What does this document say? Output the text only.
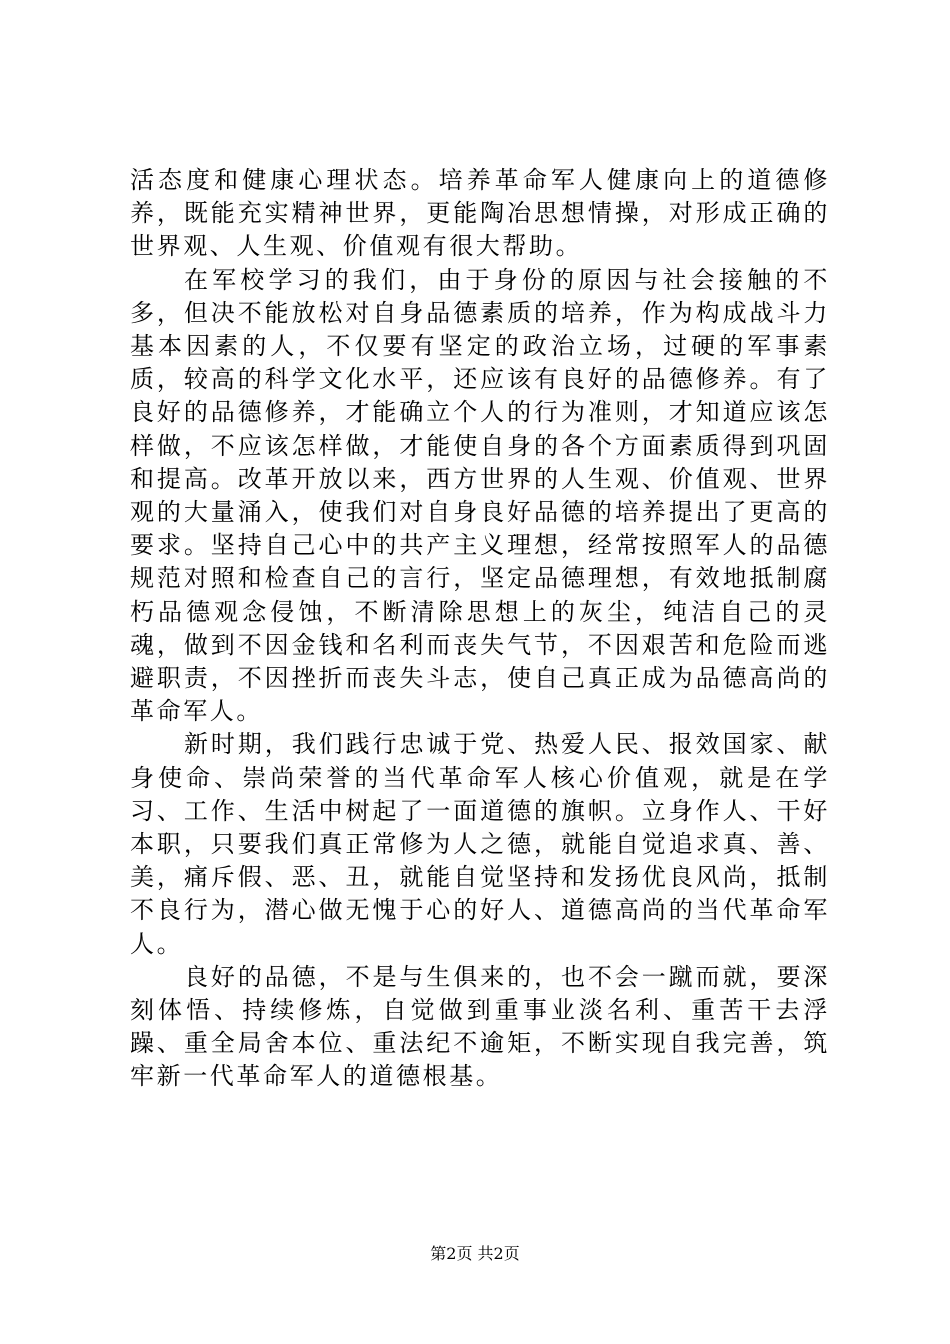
活态度和健康心理状态。培养革命军人健康向上的道德修养，既能充实精神世界，更能陶冶思想情操，对形成正确的世界观、人生观、价值观有很大帮助。

在军校学习的我们，由于身份的原因与社会接触的不多，但决不能放松对自身品德素质的培养，作为构成战斗力基本因素的人，不仅要有坚定的政治立场，过硬的军事素质，较高的科学文化水平，还应该有良好的品德修养。有了良好的品德修养，才能确立个人的行为准则，才知道应该怎样做，不应该怎样做，才能使自身的各个方面素质得到巩固和提高。改革开放以来，西方世界的人生观、价值观、世界观的大量涌入，使我们对自身良好品德的培养提出了更高的要求。坚持自己心中的共产主义理想，经常按照军人的品德规范对照和检查自己的言行，坚定品德理想，有效地抵制腐朽品德观念侵蚀，不断清除思想上的灰尘，纯洁自己的灵魂，做到不因金钱和名利而丧失气节，不因艰苦和危险而逃避职责，不因挫折而丧失斗志，使自己真正成为品德高尚的革命军人。

新时期，我们践行忠诚于党、热爱人民、报效国家、献身使命、崇尚荣誉的当代革命军人核心价值观，就是在学习、工作、生活中树起了一面道德的旗帜。立身作人、干好本职，只要我们真正常修为人之德，就能自觉追求真、善、美，痛斥假、恶、丑，就能自觉坚持和发扬优良风尚，抵制不良行为，潜心做无愧于心的好人、道德高尚的当代革命军人。

良好的品德，不是与生俱来的，也不会一蹴而就，要深刻体悟、持续修炼，自觉做到重事业淡名利、重苦干去浮躁、重全局舍本位、重法纪不逾矩，不断实现自我完善，筑牢新一代革命军人的道德根基。

第2页 共2页
